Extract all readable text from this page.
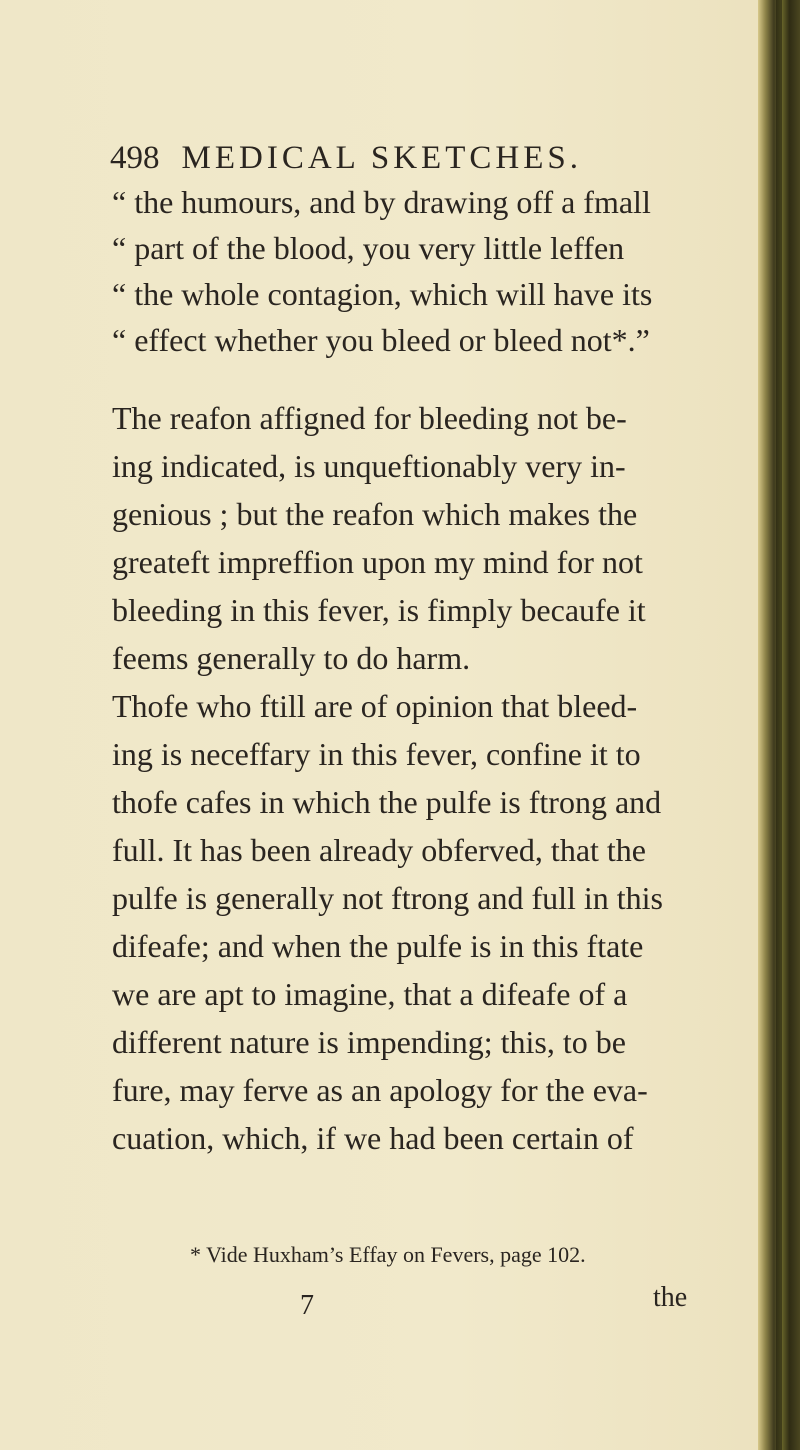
498 MEDICAL SKETCHES.
“ the humours, and by drawing off a fmall
“ part of the blood, you very little leffen
“ the whole contagion, which will have its
“ effect whether you bleed or bleed not*.”
The reafon affigned for bleeding not be-
ing indicated, is unqueftionably very in-
genious ; but the reafon which makes the
greateft impreffion upon my mind for not
bleeding in this fever, is fimply becaufe it
feems generally to do harm.
Thofe who ftill are of opinion that bleed-
ing is neceffary in this fever, confine it to
thofe cafes in which the pulfe is ftrong and
full. It has been already obferved, that the
pulfe is generally not ftrong and full in this
difeafe; and when the pulfe is in this ftate
we are apt to imagine, that a difeafe of a
different nature is impending; this, to be
fure, may ferve as an apology for the eva-
cuation, which, if we had been certain of
* Vide Huxham’s Effay on Fevers, page 102.
7	the
